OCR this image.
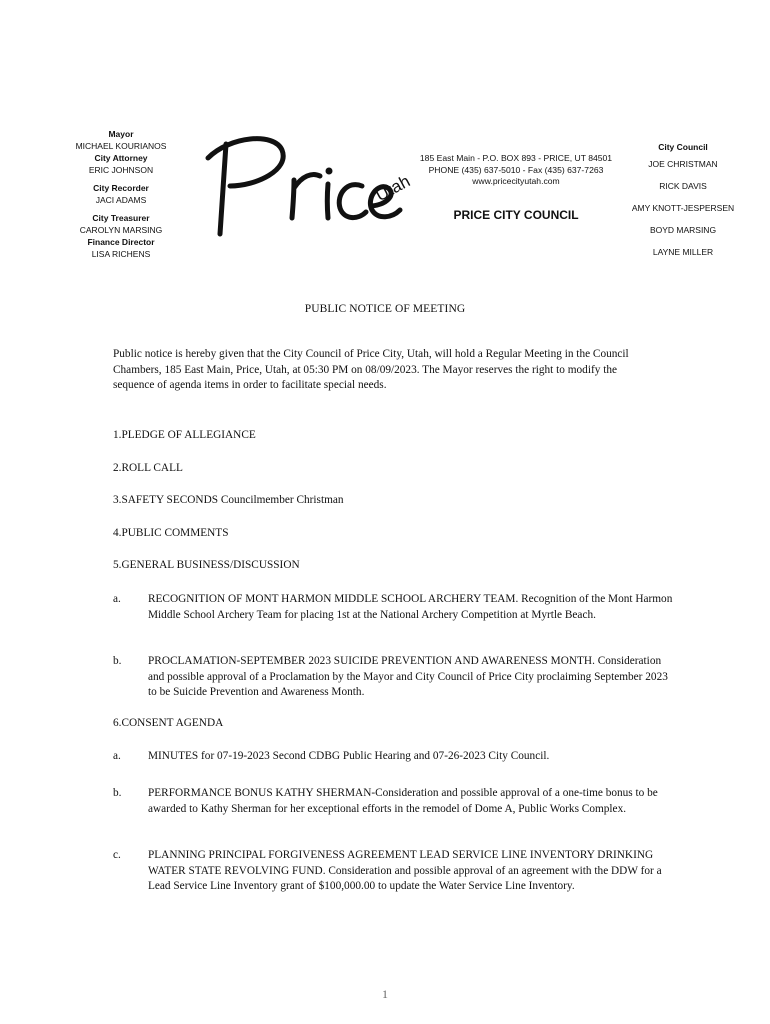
Mayor
MICHAEL KOURIANOS
City Attorney
ERIC JOHNSON
City Recorder
JACI ADAMS
City Treasurer
CAROLYN MARSING
Finance Director
LISA RICHENS
Utah
185 East Main - P.O. BOX 893 - PRICE, UT 84501
PHONE (435) 637-5010 - Fax (435) 637-7263
www.pricecityutah.com
PRICE CITY COUNCIL
City Council
JOE CHRISTMAN
RICK DAVIS
AMY KNOTT-JESPERSEN
BOYD MARSING
LAYNE MILLER
PUBLIC NOTICE OF MEETING
Public notice is hereby given that the City Council of Price City, Utah, will hold a Regular Meeting in the Council Chambers, 185 East Main, Price, Utah, at 05:30 PM on 08/09/2023. The Mayor reserves the right to modify the sequence of agenda items in order to facilitate special needs.
1.PLEDGE OF ALLEGIANCE
2.ROLL CALL
3.SAFETY SECONDS Councilmember Christman
4.PUBLIC COMMENTS
5.GENERAL BUSINESS/DISCUSSION
a. RECOGNITION OF MONT HARMON MIDDLE SCHOOL ARCHERY TEAM. Recognition of the Mont Harmon Middle School Archery Team for placing 1st at the National Archery Competition at Myrtle Beach.
b. PROCLAMATION-SEPTEMBER 2023 SUICIDE PREVENTION AND AWARENESS MONTH. Consideration and possible approval of a Proclamation by the Mayor and City Council of Price City proclaiming September 2023 to be Suicide Prevention and Awareness Month.
6.CONSENT AGENDA
a. MINUTES for 07-19-2023 Second CDBG Public Hearing and 07-26-2023 City Council.
b. PERFORMANCE BONUS KATHY SHERMAN-Consideration and possible approval of a one-time bonus to be awarded to Kathy Sherman for her exceptional efforts in the remodel of Dome A, Public Works Complex.
c. PLANNING PRINCIPAL FORGIVENESS AGREEMENT LEAD SERVICE LINE INVENTORY DRINKING WATER STATE REVOLVING FUND. Consideration and possible approval of an agreement with the DDW for a Lead Service Line Inventory grant of $100,000.00 to update the Water Service Line Inventory.
1
